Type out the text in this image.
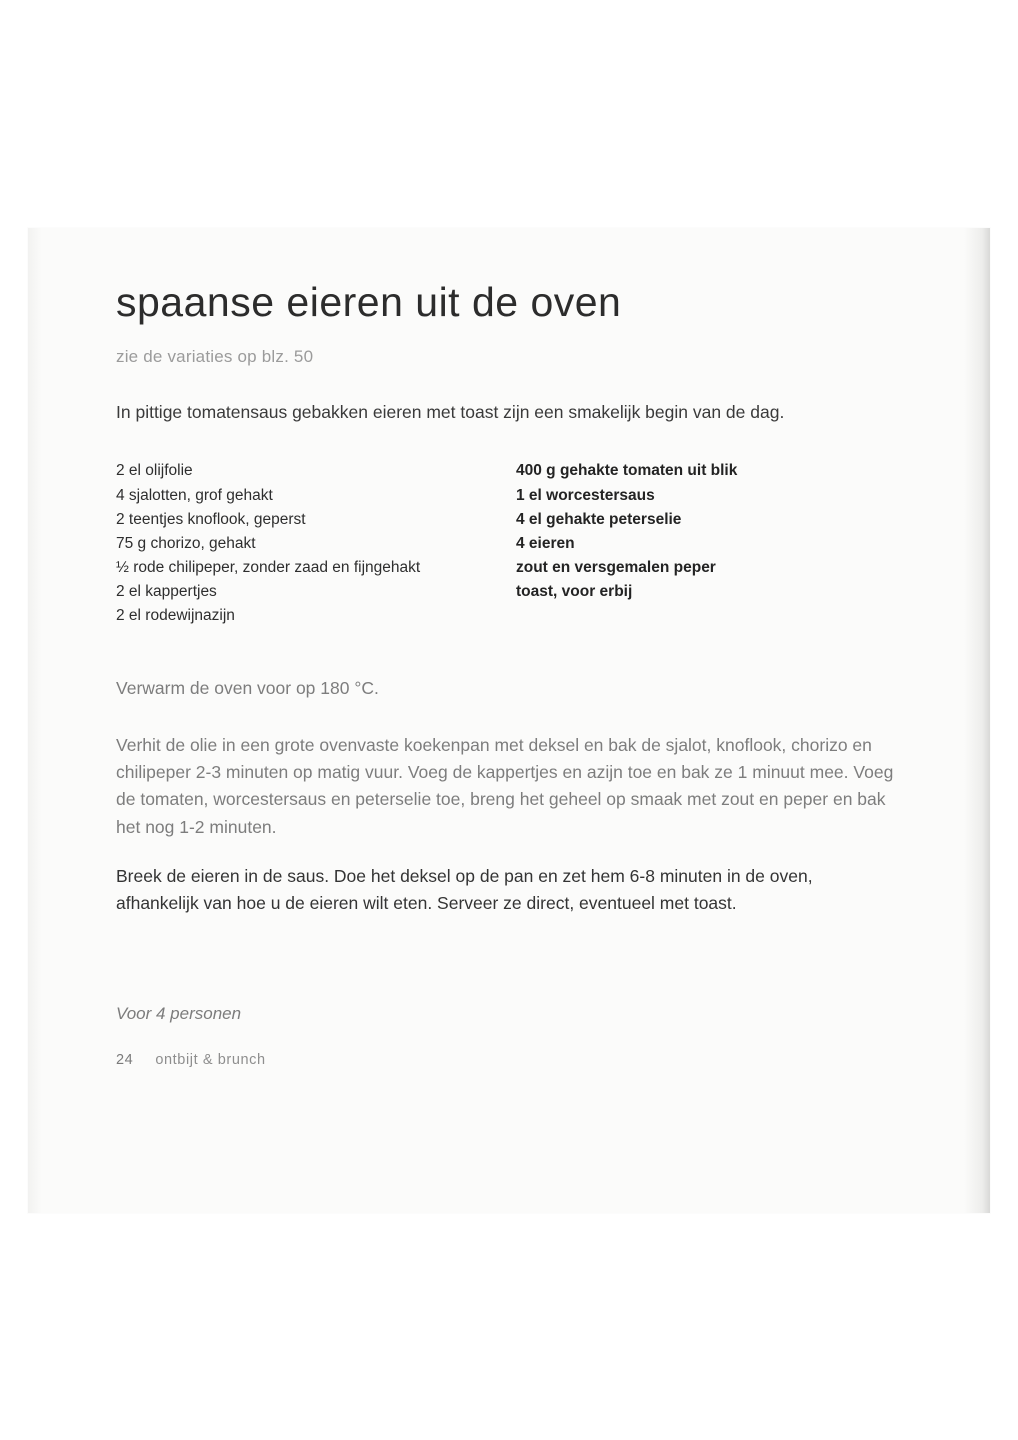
spaanse eieren uit de oven

zie de variaties op blz. 50

In pittige tomatensaus gebakken eieren met toast zijn een smakelijk begin van de dag.

2 el olijfolie
4 sjalotten, grof gehakt
2 teentjes knoflook, geperst
75 g chorizo, gehakt
½ rode chilipeper, zonder zaad en fijngehakt
2 el kappertjes
2 el rodewijnazijn
400 g gehakte tomaten uit blik
1 el worcestersaus
4 el gehakte peterselie
4 eieren
zout en versgemalen peper
toast, voor erbij

Verwarm de oven voor op 180 °C.

Verhit de olie in een grote ovenvaste koekenpan met deksel en bak de sjalot, knoflook, chorizo en chilipeper 2-3 minuten op matig vuur. Voeg de kappertjes en azijn toe en bak ze 1 minuut mee. Voeg de tomaten, worcestersaus en peterselie toe, breng het geheel op smaak met zout en peper en bak het nog 1-2 minuten.

Breek de eieren in de saus. Doe het deksel op de pan en zet hem 6-8 minuten in de oven, afhankelijk van hoe u de eieren wilt eten. Serveer ze direct, eventueel met toast.

Voor 4 personen

24 ontbijt & brunch
